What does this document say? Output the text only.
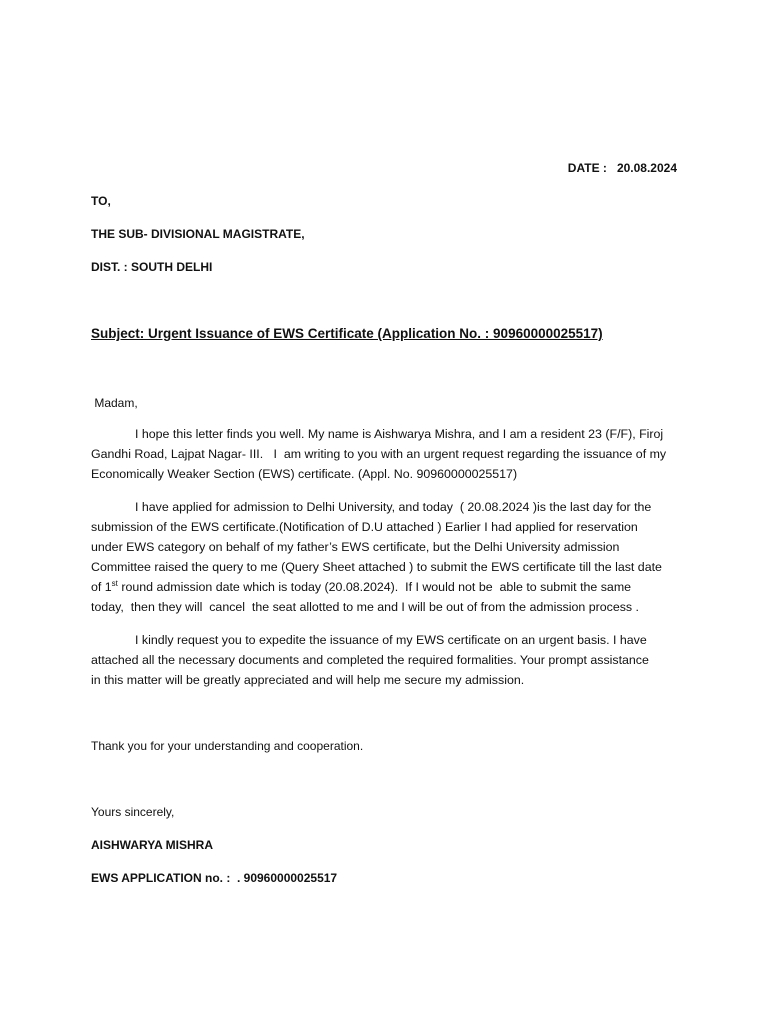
DATE : 20.08.2024
TO,
THE SUB- DIVISIONAL MAGISTRATE,
DIST. : SOUTH DELHI
Subject: Urgent Issuance of EWS Certificate (Application No. : 90960000025517)
Madam,
I hope this letter finds you well. My name is Aishwarya Mishra, and I am a resident 23 (F/F), Firoj
Gandhi Road, Lajpat Nagar- III.   I  am writing to you with an urgent request regarding the issuance of my
Economically Weaker Section (EWS) certificate. (Appl. No. 90960000025517)
I have applied for admission to Delhi University, and today  ( 20.08.2024 )is the last day for the
submission of the EWS certificate.(Notification of D.U attached ) Earlier I had applied for reservation
under EWS category on behalf of my father’s EWS certificate, but the Delhi University admission
Committee raised the query to me (Query Sheet attached ) to submit the EWS certificate till the last date
of 1st round admission date which is today (20.08.2024).  If I would not be  able to submit the same
today,  then they will  cancel  the seat allotted to me and I will be out of from the admission process .
I kindly request you to expedite the issuance of my EWS certificate on an urgent basis. I have
attached all the necessary documents and completed the required formalities. Your prompt assistance
in this matter will be greatly appreciated and will help me secure my admission.
Thank you for your understanding and cooperation.
Yours sincerely,
AISHWARYA MISHRA
EWS APPLICATION no. :  . 90960000025517
